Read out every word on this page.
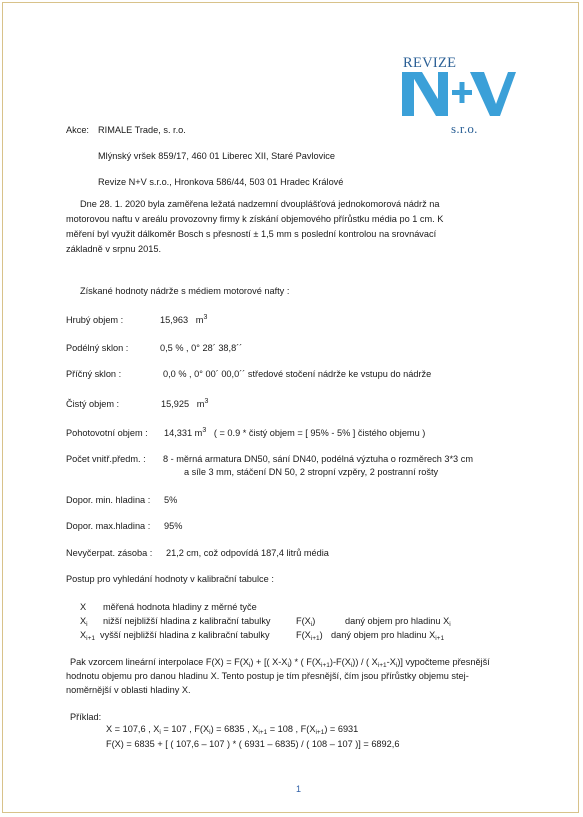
REVIZE
s.r.o.
Akce: RIMALE Trade, s. r.o.
Mlýnský vršek 859/17, 460 01 Liberec XII, Staré Pavlovice
Revize N+V s.r.o., Hronkova 586/44, 503 01 Hradec Králové
Dne 28. 1. 2020 byla zaměřena ležatá nadzemní dvouplášťová jednokomorová nádrž na
motorovou naftu v areálu provozovny firmy k získání objemového přírůstku média po 1 cm. K
měření byl využit dálkoměr Bosch s přesností ± 1,5 mm s poslední kontrolou na srovnávací
základně v srpnu 2015.
Získané hodnoty nádrže s médiem motorové nafty :
Hrubý objem :	15,963 $m^3$
Podélný sklon :	0,5 % , 0° 28´ 38,8´´
Příčný sklon :	0,0 % , 0° 00´ 00,0´´ středové stočení nádrže ke vstupu do nádrže
Čistý objem :	15,925 $m^3$
Pohotovotní objem : 14,331 $m^3$ ( = 0.9 * čistý objem = [ 95% - 5% ] čistého objemu )
Počet vnitř.předm. : 8 - měrná armatura DN50, sání DN40, podélná výztuha o rozměrech 3*3 cm
a síle 3 mm, stáčení DN 50, 2 stropní vzpěry, 2 postranní rošty
Dopor. min. hladina : 5%
Dopor. max.hladina : 95%
Nevyčerpat. zásoba : 21,2 cm, což odpovídá 187,4 litrů média
Postup pro vyhledání hodnoty v kalibrační tabulce :
X měřená hodnota hladiny z měrné tyče
$X_i$ nižší nejbližší hladina z kalibrační tabulky	$F(X_i)$	daný objem pro hladinu $X_i$
$X_{i+1}$ vyšší nejbližší hladina z kalibrační tabulky	$F(X_{i+1})$ daný objem pro hladinu $X_{i+1}$
Pak vzorcem lineární interpolace $F(X) = F(X_i)$ + [( $X-X_i$) * ( $F(X_{i+1})-F(X_i)$) / ( $X_{i+1}-X_i$)] vypočteme přesnější
hodnotu objemu pro danou hladinu X. Tento postup je tím přesnější, čím jsou přírůstky objemu stej-
noměrnější v oblasti hladiny X.
Příklad:
X = 107,6 , $X_i = 107$ , $F(X_i) = 6835$ , $X_{i+1} = 108$ , $F(X_{i+1}) = 6931$
F(X) = 6835 + [ ( 107,6 – 107 ) * ( 6931 – 6835) / ( 108 – 107 )] = 6892,6
1
